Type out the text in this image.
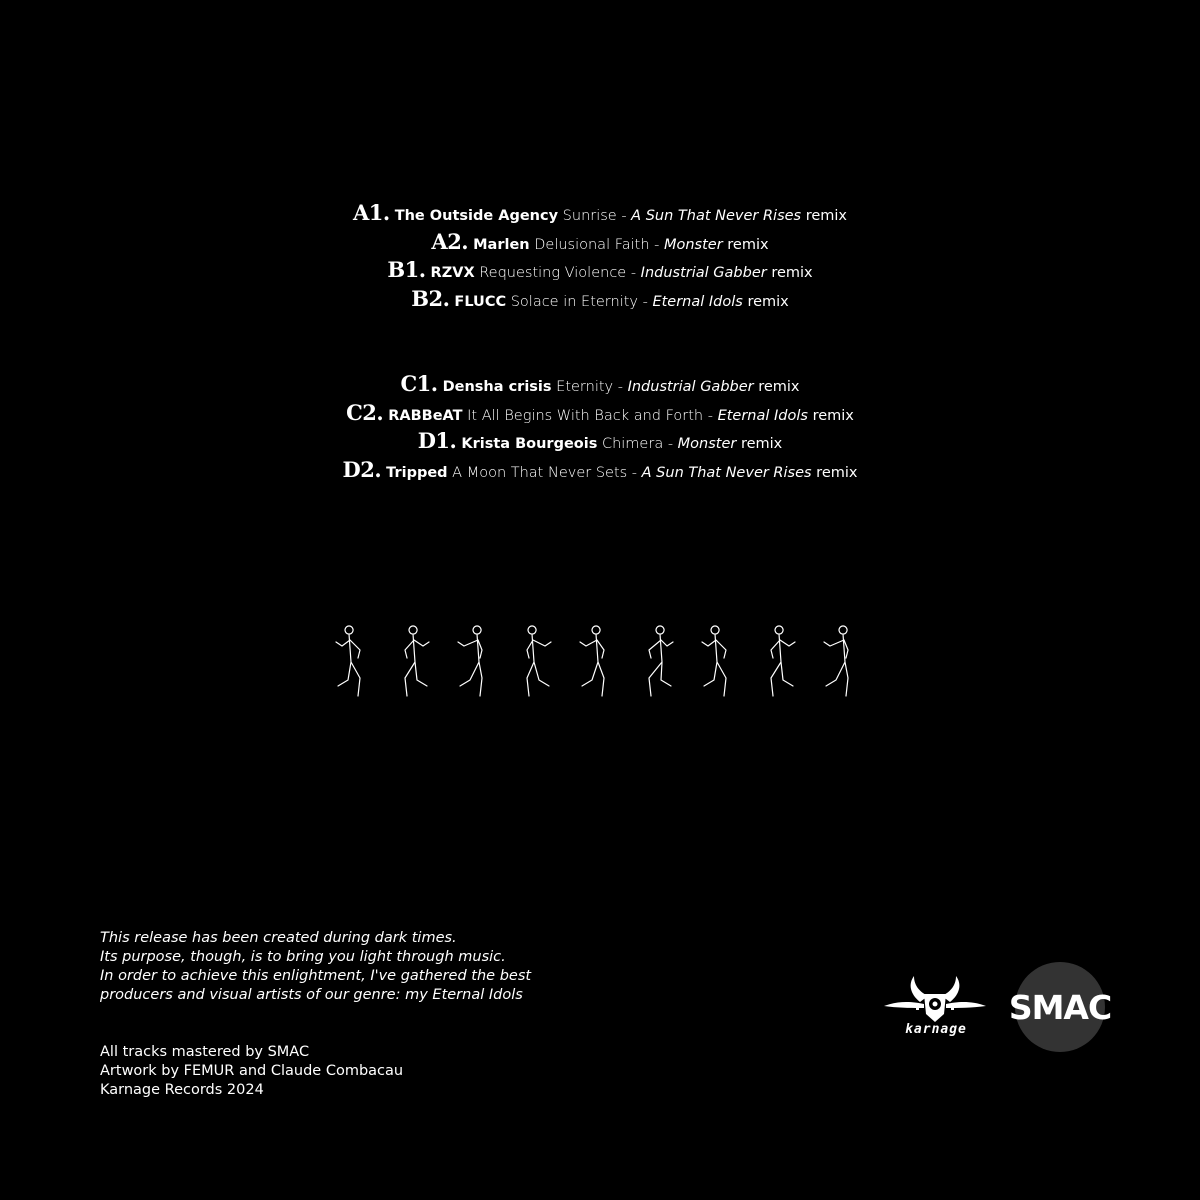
A1. The Outside Agency Sunrise - A Sun That Never Rises remix
A2. Marlen Delusional Faith - Monster remix
B1. RZVX Requesting Violence - Industrial Gabber remix
B2. FLUCC Solace in Eternity - Eternal Idols remix
C1. Densha crisis Eternity - Industrial Gabber remix
C2. RABBeAT It All Begins With Back and Forth - Eternal Idols remix
D1. Krista Bourgeois Chimera - Monster remix
D2. Tripped A Moon That Never Sets - A Sun That Never Rises remix
This release has been created during dark times.
Its purpose, though, is to bring you light through music.
In order to achieve this enlightment, I've gathered the best
producers and visual artists of our genre: my Eternal Idols
All tracks mastered by SMAC
Artwork by FEMUR and Claude Combacau
Karnage Records 2024
karnage
SMAC
